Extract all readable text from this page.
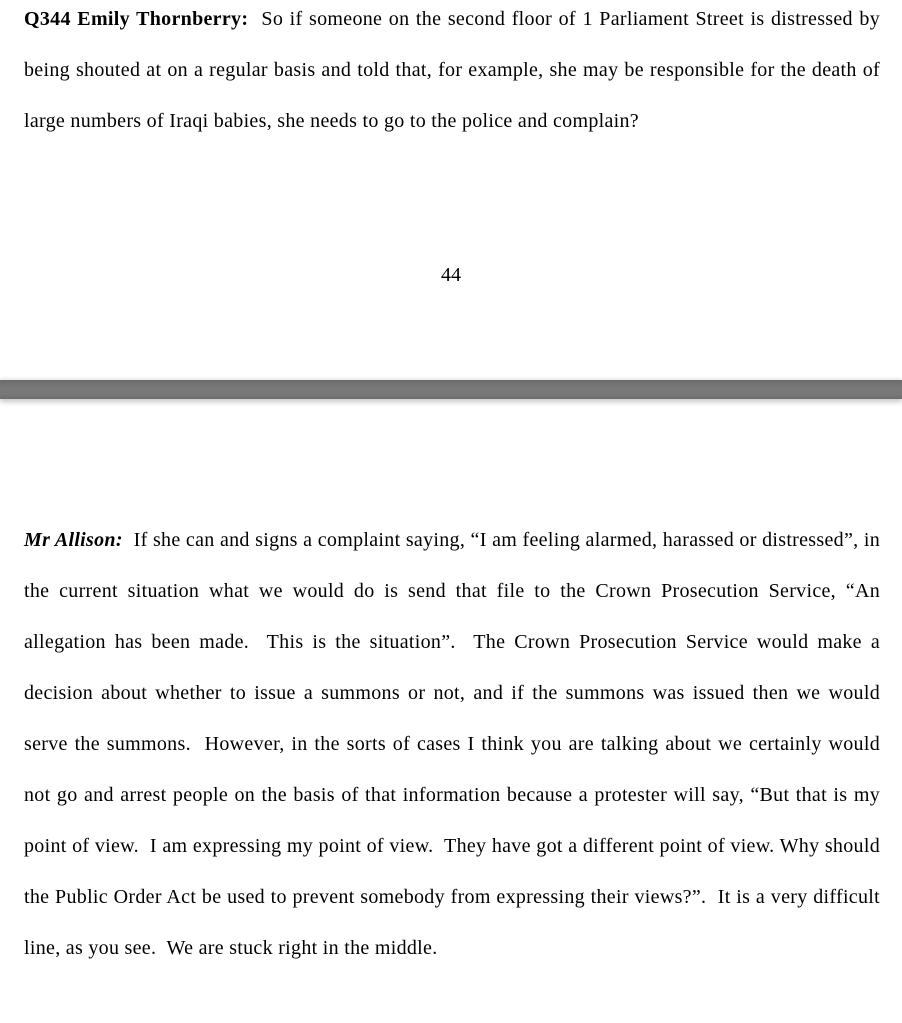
Q344 Emily Thornberry:  So if someone on the second floor of 1 Parliament Street is distressed by being shouted at on a regular basis and told that, for example, she may be responsible for the death of large numbers of Iraqi babies, she needs to go to the police and complain?

44

Mr Allison:  If she can and signs a complaint saying, “I am feeling alarmed, harassed or distressed”, in the current situation what we would do is send that file to the Crown Prosecution Service, “An allegation has been made.  This is the situation”.  The Crown Prosecution Service would make a decision about whether to issue a summons or not, and if the summons was issued then we would serve the summons.  However, in the sorts of cases I think you are talking about we certainly would not go and arrest people on the basis of that information because a protester will say, “But that is my point of view.  I am expressing my point of view.  They have got a different point of view. Why should the Public Order Act be used to prevent somebody from expressing their views?”.  It is a very difficult line, as you see.  We are stuck right in the middle.
